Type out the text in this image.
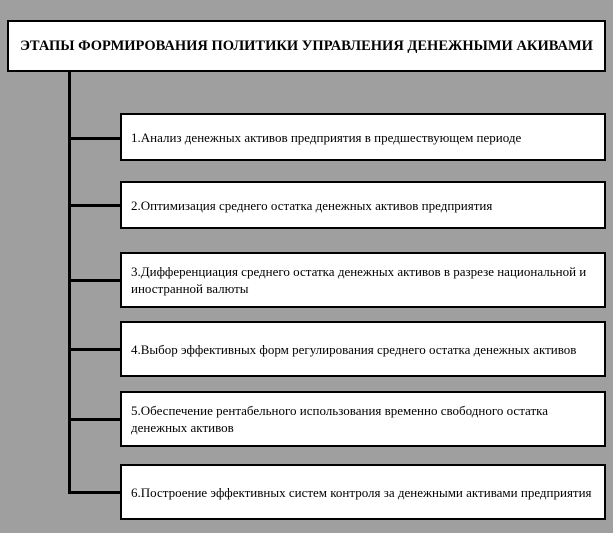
ЭТАПЫ ФОРМИРОВАНИЯ ПОЛИТИКИ УПРАВЛЕНИЯ ДЕНЕЖНЫМИ АКИВАМИ
1.Анализ денежных активов предприятия в предшествующем периоде
2.Оптимизация среднего остатка денежных активов предприятия
3.Дифференциация среднего остатка денежных активов в разрезе национальной и иностранной валюты
4.Выбор эффективных форм регулирования среднего остатка денежных активов
5.Обеспечение рентабельного использования временно свободного остатка денежных активов
6.Построение эффективных систем контроля за денежными активами предприятия
